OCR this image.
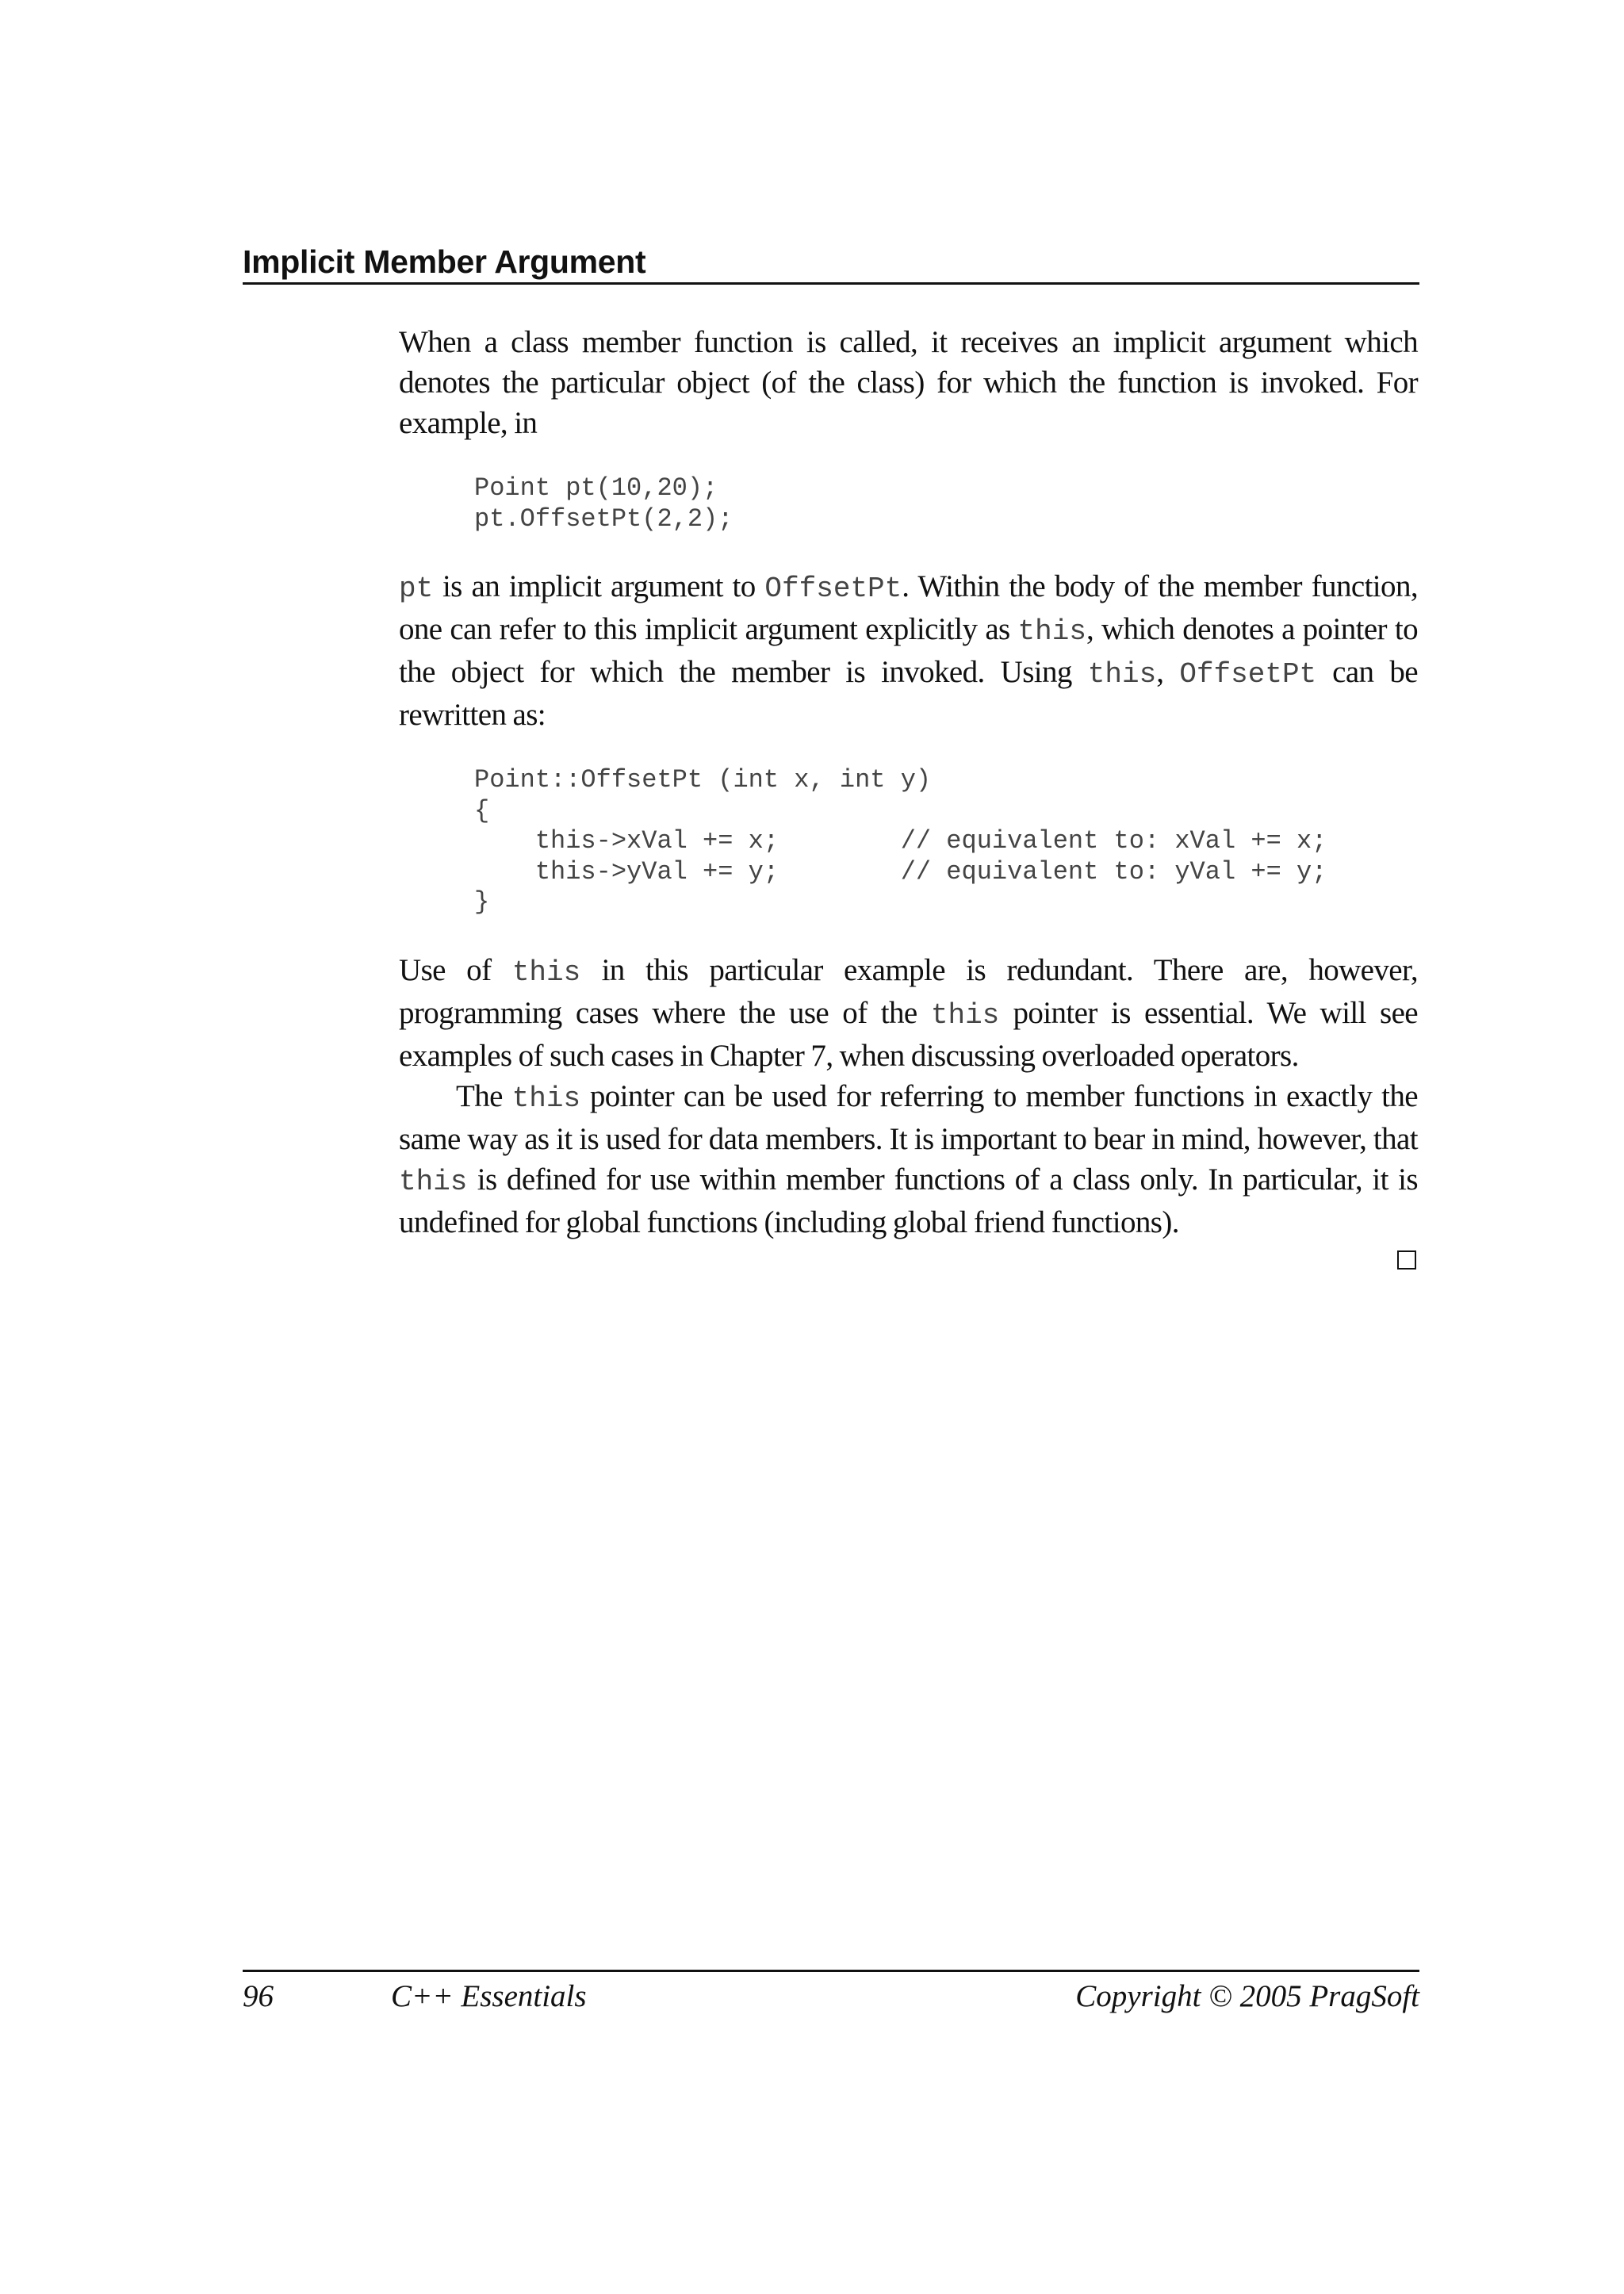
Implicit Member Argument

When a class member function is called, it receives an implicit argument which denotes the particular object (of the class) for which the function is invoked. For example, in

Point pt(10,20);
pt.OffsetPt(2,2);

pt is an implicit argument to OffsetPt. Within the body of the member function, one can refer to this implicit argument explicitly as this, which denotes a pointer to the object for which the member is invoked. Using this, OffsetPt can be rewritten as:

Point::OffsetPt (int x, int y)
{
this->xVal += x;        // equivalent to: xVal += x;
this->yVal += y;        // equivalent to: yVal += y;
}

Use of this in this particular example is redundant. There are, however, programming cases where the use of the this pointer is essential. We will see examples of such cases in Chapter 7, when discussing overloaded operators.

The this pointer can be used for referring to member functions in exactly the same way as it is used for data members. It is important to bear in mind, however, that this is defined for use within member functions of a class only. In particular, it is undefined for global functions (including global friend functions).

96	C++ Essentials	Copyright © 2005 PragSoft
